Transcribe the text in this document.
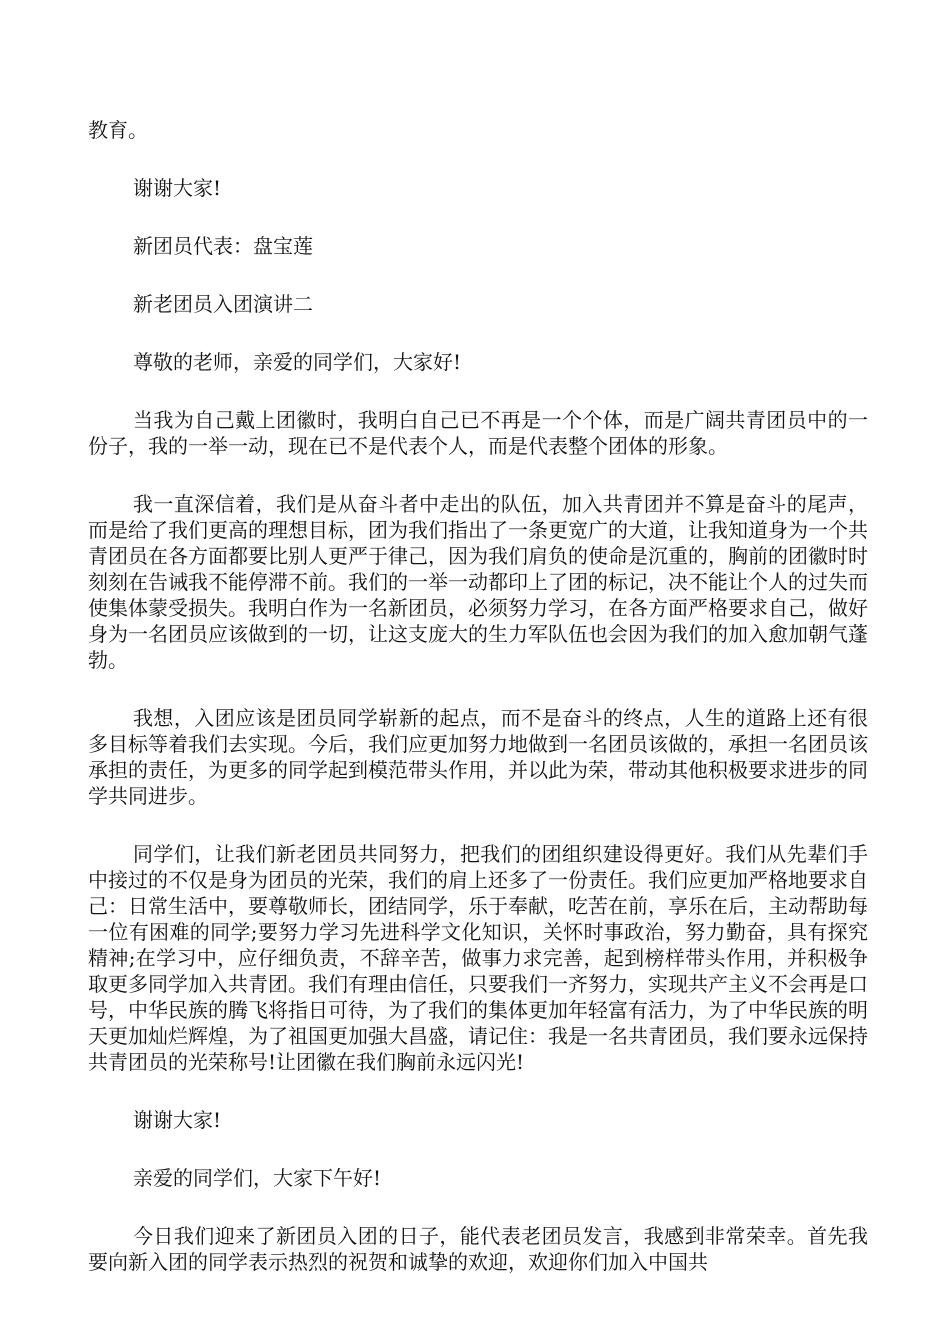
教育。

谢谢大家!

新团员代表：盘宝莲

新老团员入团演讲二

尊敬的老师，亲爱的同学们，大家好!

当我为自己戴上团徽时，我明白自己已不再是一个个体，而是广阔共青团员中的一份子，我的一举一动，现在已不是代表个人，而是代表整个团体的形象。

我一直深信着，我们是从奋斗者中走出的队伍，加入共青团并不算是奋斗的尾声，而是给了我们更高的理想目标，团为我们指出了一条更宽广的大道，让我知道身为一个共青团员在各方面都要比别人更严于律己，因为我们肩负的使命是沉重的，胸前的团徽时时刻刻在告诫我不能停滞不前。我们的一举一动都印上了团的标记，决不能让个人的过失而使集体蒙受损失。我明白作为一名新团员，必须努力学习，在各方面严格要求自己，做好身为一名团员应该做到的一切，让这支庞大的生力军队伍也会因为我们的加入愈加朝气蓬勃。

我想，入团应该是团员同学崭新的起点，而不是奋斗的终点，人生的道路上还有很多目标等着我们去实现。今后，我们应更加努力地做到一名团员该做的，承担一名团员该承担的责任，为更多的同学起到模范带头作用，并以此为荣，带动其他积极要求进步的同学共同进步。

同学们，让我们新老团员共同努力，把我们的团组织建设得更好。我们从先辈们手中接过的不仅是身为团员的光荣，我们的肩上还多了一份责任。我们应更加严格地要求自己：日常生活中，要尊敬师长，团结同学，乐于奉献，吃苦在前，享乐在后，主动帮助每一位有困难的同学;要努力学习先进科学文化知识，关怀时事政治，努力勤奋，具有探究精神;在学习中，应仔细负责，不辞辛苦，做事力求完善，起到榜样带头作用，并积极争取更多同学加入共青团。我们有理由信任，只要我们一齐努力，实现共产主义不会再是口号，中华民族的腾飞将指日可待，为了我们的集体更加年轻富有活力，为了中华民族的明天更加灿烂辉煌，为了祖国更加强大昌盛，请记住：我是一名共青团员，我们要永远保持共青团员的光荣称号!让团徽在我们胸前永远闪光!

谢谢大家!

亲爱的同学们，大家下午好!

今日我们迎来了新团员入团的日子，能代表老团员发言，我感到非常荣幸。首先我要向新入团的同学表示热烈的祝贺和诚挚的欢迎，欢迎你们加入中国共
